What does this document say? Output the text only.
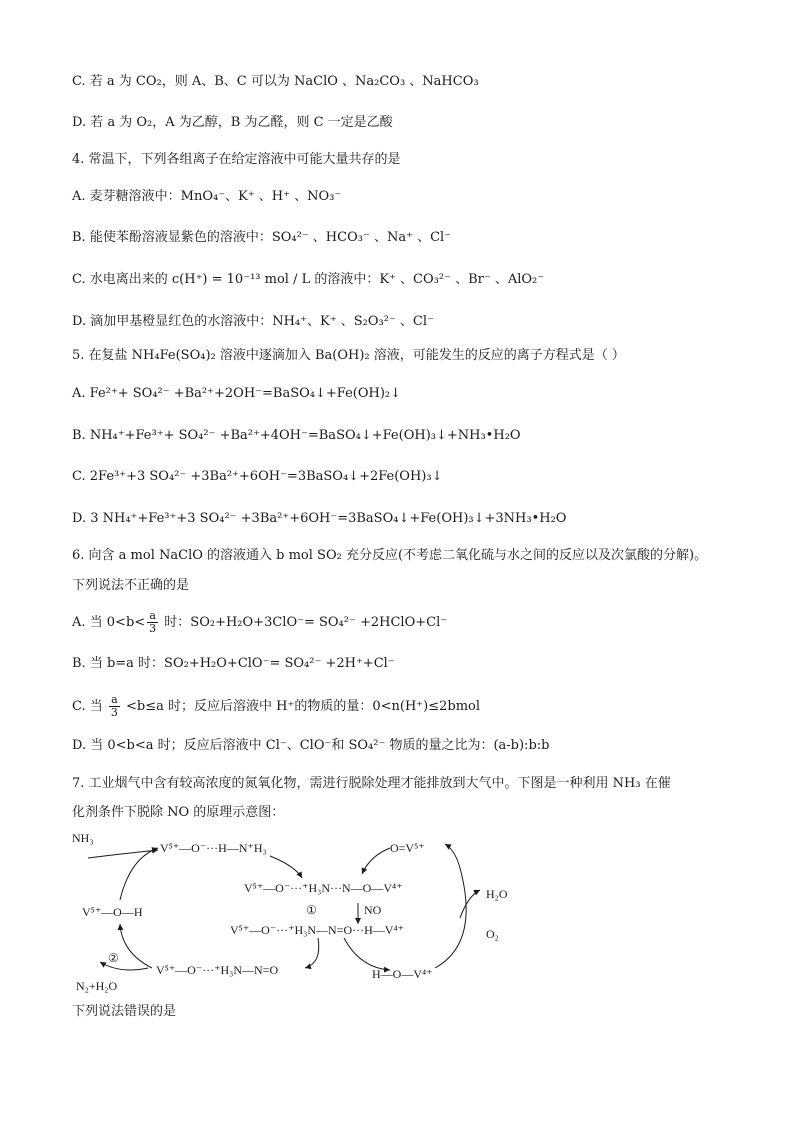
C. 若 a 为 CO₂，则 A、B、C 可以为 NaClO 、Na₂CO₃ 、NaHCO₃
D. 若 a 为 O₂，A 为乙醇，B 为乙醛，则 C 一定是乙酸
4. 常温下，下列各组离子在给定溶液中可能大量共存的是
A. 麦芽糖溶液中：MnO₄⁻、K⁺ 、H⁺ 、NO₃⁻
B. 能使苯酚溶液显紫色的溶液中：SO₄²⁻ 、HCO₃⁻ 、Na⁺ 、Cl⁻
C. 水电离出来的 c(H⁺) = 10⁻¹³ mol / L 的溶液中：K⁺ 、CO₃²⁻ 、Br⁻ 、AlO₂⁻
D. 滴加甲基橙显红色的水溶液中：NH₄⁺、K⁺ 、S₂O₃²⁻ 、Cl⁻
5. 在复盐 NH₄Fe(SO₄)₂ 溶液中逐滴加入 Ba(OH)₂ 溶液，可能发生的反应的离子方程式是（ ）
A. Fe²⁺+ SO₄²⁻ +Ba²⁺+2OH⁻=BaSO₄↓+Fe(OH)₂↓
B. NH₄⁺+Fe³⁺+ SO₄²⁻ +Ba²⁺+4OH⁻=BaSO₄↓+Fe(OH)₃↓+NH₃•H₂O
C. 2Fe³⁺+3 SO₄²⁻ +3Ba²⁺+6OH⁻=3BaSO₄↓+2Fe(OH)₃↓
D. 3 NH₄⁺+Fe³⁺+3 SO₄²⁻ +3Ba²⁺+6OH⁻=3BaSO₄↓+Fe(OH)₃↓+3NH₃•H₂O
6. 向含 a mol NaClO 的溶液通入 b mol SO₂ 充分反应(不考虑二氧化硫与水之间的反应以及次氯酸的分解)。
下列说法不正确的是
A. 当 $0<b< \frac{a}{3}$ 时：SO₂+H₂O+3ClO⁻= SO₄²⁻ +2HClO+Cl⁻
B. 当 b=a 时：SO₂+H₂O+ClO⁻= SO₄²⁻ +2H⁺+Cl⁻
C. 当 $\frac{a}{3} <b\le a$ 时；反应后溶液中 H⁺的物质的量：0<n(H⁺)≤2bmol
D. 当 0<b<a 时；反应后溶液中 Cl⁻、ClO⁻和 SO₄²⁻ 物质的量之比为：(a-b):b:b
7. 工业烟气中含有较高浓度的氮氧化物，需进行脱除处理才能排放到大气中。下图是一种利用 NH₃ 在催
化剂条件下脱除 NO 的原理示意图：
NH₃
V⁵⁺—O⁻···H—N⁺H₃
V⁵⁺—O⁻···⁺H₃N···N—O—V⁴⁺
V⁵⁺—O—H	①	NO
V⁵⁺—O⁻···⁺H₃N—N=O···H—V⁴⁺
②
V⁵⁺—O⁻···⁺H₃N—N=O
N₂+H₂O
O=V⁵⁺
H₂O
O₂
H—O—V⁴⁺
下列说法错误的是
